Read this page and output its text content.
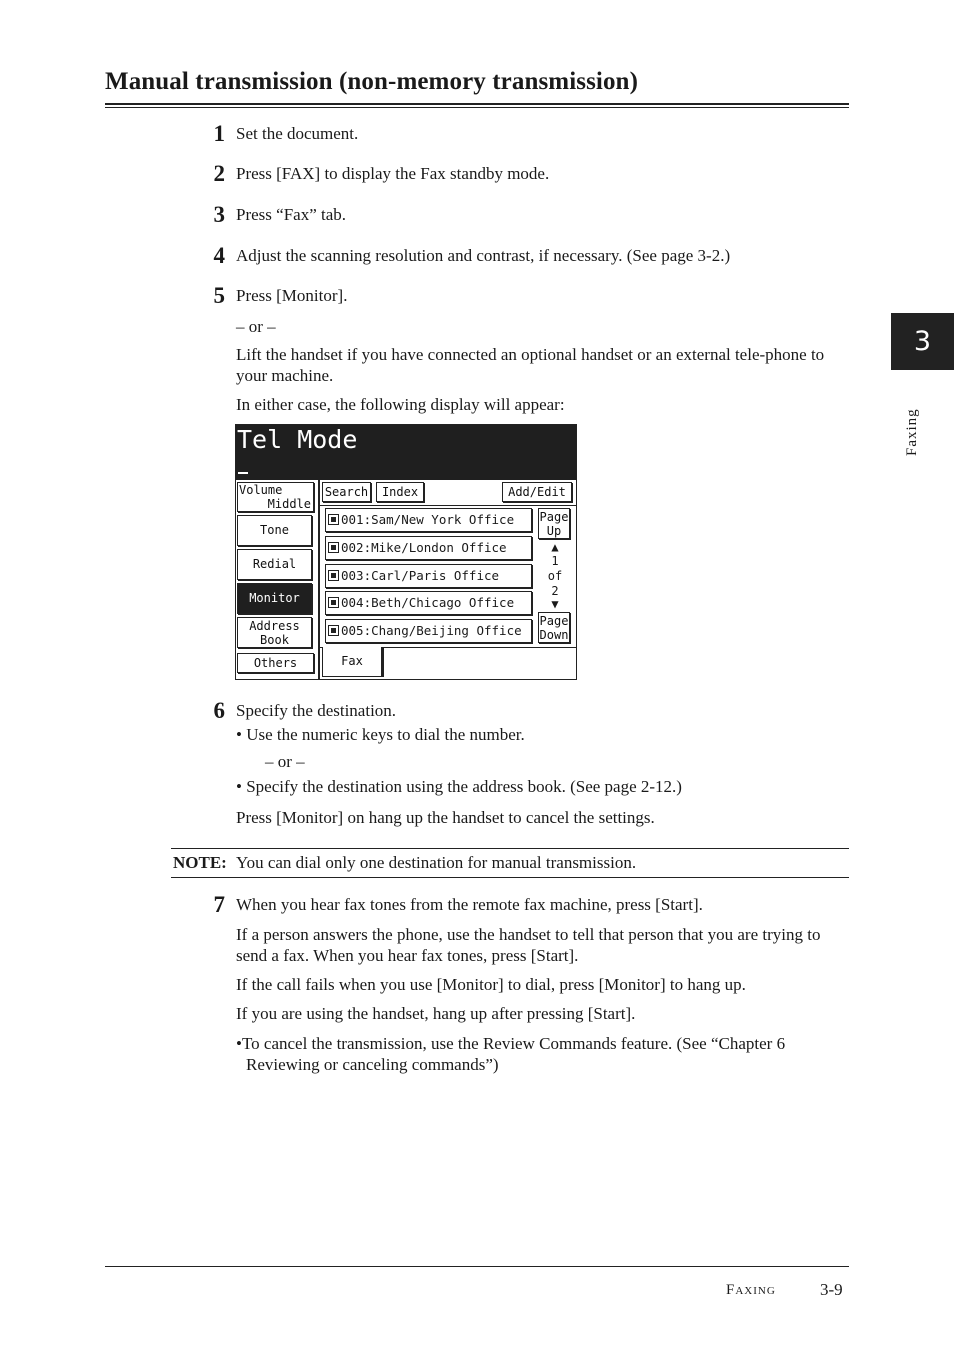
Manual transmission (non-memory transmission)
3
Faxing
1 Set the document.
2 Press [FAX] to display the Fax standby mode.
3 Press “Fax” tab.
4 Adjust the scanning resolution and contrast, if necessary. (See page 3-2.)
5 Press [Monitor].
– or –
Lift the handset if you have connected an optional handset or an external tele-phone to your machine.
In either case, the following display will appear:
Tel Mode
Volume
Middle
Tone
Redial
Monitor
Address
Book
Others
Search	Index	Add/Edit
001:Sam/New York Office
002:Mike/London Office
003:Carl/Paris Office
004:Beth/Chicago Office
005:Chang/Beijing Office
Page
Up
▲
1
of
2
▼
Page
Down
Fax
6 Specify the destination.
• Use the numeric keys to dial the number.
– or –
• Specify the destination using the address book. (See page 2-12.)
Press [Monitor] on hang up the handset to cancel the settings.
NOTE: You can dial only one destination for manual transmission.
7 When you hear fax tones from the remote fax machine, press [Start].
If a person answers the phone, use the handset to tell that person that you are trying to send a fax. When you hear fax tones, press [Start].
If the call fails when you use [Monitor] to dial, press [Monitor] to hang up.
If you are using the handset, hang up after pressing [Start].
•To cancel the transmission, use the Review Commands feature. (See “Chapter 6 Reviewing or canceling commands”)
Faxing	3-9
